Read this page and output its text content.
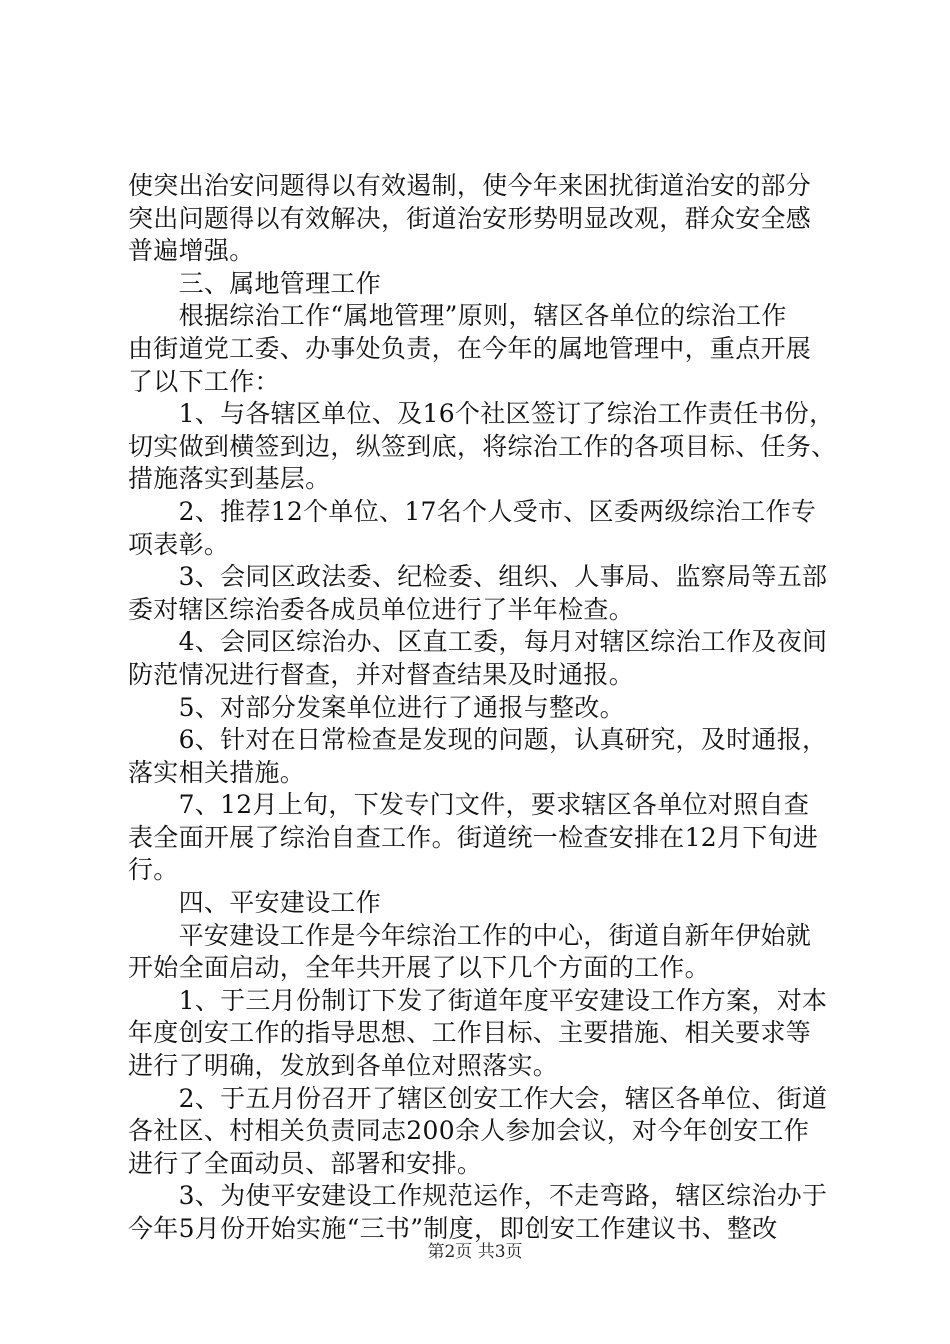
使突出治安问题得以有效遏制，使今年来困扰街道治安的部分
突出问题得以有效解决，街道治安形势明显改观，群众安全感
普遍增强。
　　三、属地管理工作
　　根据综治工作“属地管理”原则，辖区各单位的综治工作
由街道党工委、办事处负责，在今年的属地管理中，重点开展
了以下工作：
　　1、与各辖区单位、及16个社区签订了综治工作责任书份，
切实做到横签到边，纵签到底，将综治工作的各项目标、任务、
措施落实到基层。
　　2、推荐12个单位、17名个人受市、区委两级综治工作专
项表彰。
　　3、会同区政法委、纪检委、组织、人事局、监察局等五部
委对辖区综治委各成员单位进行了半年检查。
　　4、会同区综治办、区直工委，每月对辖区综治工作及夜间
防范情况进行督查，并对督查结果及时通报。
　　5、对部分发案单位进行了通报与整改。
　　6、针对在日常检查是发现的问题，认真研究，及时通报，
落实相关措施。
　　7、12月上旬，下发专门文件，要求辖区各单位对照自查
表全面开展了综治自查工作。街道统一检查安排在12月下旬进
行。
　　四、平安建设工作
　　平安建设工作是今年综治工作的中心，街道自新年伊始就
开始全面启动，全年共开展了以下几个方面的工作。
　　1、于三月份制订下发了街道年度平安建设工作方案，对本
年度创安工作的指导思想、工作目标、主要措施、相关要求等
进行了明确，发放到各单位对照落实。
　　2、于五月份召开了辖区创安工作大会，辖区各单位、街道
各社区、村相关负责同志200余人参加会议，对今年创安工作
进行了全面动员、部署和安排。
　　3、为使平安建设工作规范运作，不走弯路，辖区综治办于
今年5月份开始实施“三书”制度，即创安工作建议书、整改
第2页 共3页
